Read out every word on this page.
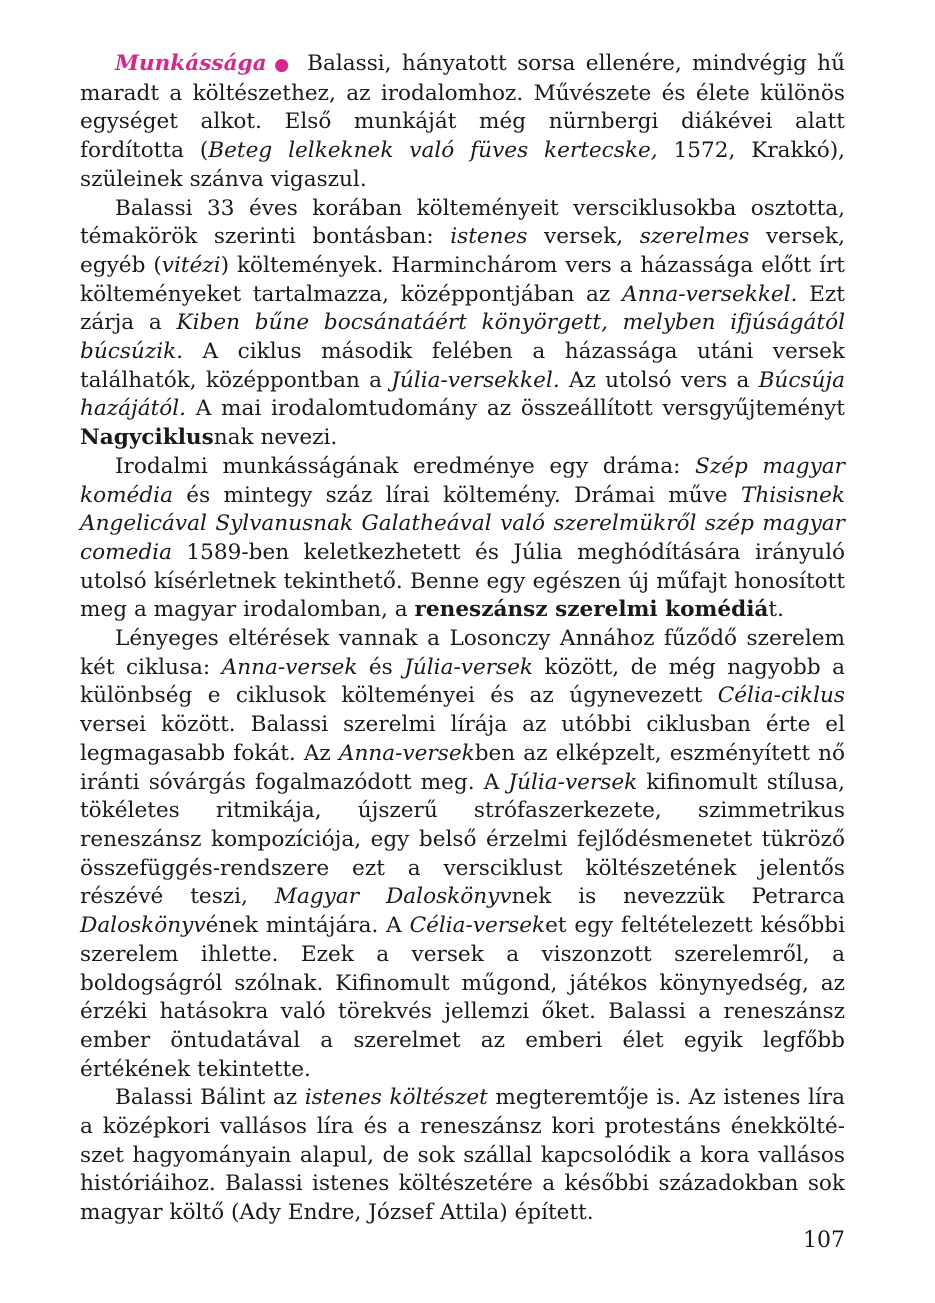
Munkássága ● Balassi, hányatott sorsa ellenére, mindvégig hű maradt a költészethez, az irodalomhoz. Művészete és élete különös egységet alkot. Első munkáját még nürnbergi diákévei alatt fordította (Beteg lelkeknek való füves kertecske, 1572, Krakkó), szüleinek szánva vigaszul.

Balassi 33 éves korában költeményeit versciklusokba osztotta, témakörök szerinti bontásban: istenes versek, szerelmes versek, egyéb (vitézi) költemények. Harminchárom vers a házassága előtt írt költeményeket tartalmazza, középpontjában az Anna-versekkel. Ezt zárja a Kiben bűne bocsánatáért könyörgett, melyben ifjúságától búcsúzik. A ciklus második felében a házassága utáni versek találhatók, középpontban a Júlia-versekkel. Az utolsó vers a Búcsúja hazájától. A mai irodalomtudomány az összeállított versgyűjteményt Nagyciklusnak nevezi.

Irodalmi munkásságának eredménye egy dráma: Szép magyar komédia és mintegy száz lírai költemény. Drámai műve Thisisnek Angelicával Sylvanusnak Galatheával való szerelmükről szép magyar comedia 1589-ben keletkezhetett és Júlia meghódítására irányuló utolsó kísérletnek tekinthető. Benne egy egészen új műfajt honosított meg a magyar irodalomban, a reneszánsz szerelmi komédiát.

Lényeges eltérések vannak a Losonczy Annához fűződő szerelem két ciklusa: Anna-versek és Júlia-versek között, de még nagyobb a különbség e ciklusok költeményei és az úgynevezett Célia-ciklus versei között. Balassi szerelmi lírája az utóbbi ciklusban érte el legmagasabb fokát. Az Anna-versekben az elképzelt, eszményített nő iránti sóvárgás fogalmazódott meg. A Júlia-versek kifinomult stílusa, tökéletes ritmikája, újszerű strófaszerkezete, szimmetrikus reneszánsz kompozíciója, egy belső érzelmi fejlődésmenetet tükröző összefüggés-rendszere ezt a versciklust költészetének jelentős részévé teszi, Magyar Daloskönyvnek is nevezzük Petrarca Daloskönyvének mintájára. A Célia-verseket egy feltételezett későbbi szerelem ihlette. Ezek a versek a viszonzott szerelemről, a boldogságról szólnak. Kifinomult műgond, játékos könynyedség, az érzéki hatásokra való törekvés jellemzi őket. Balassi a reneszánsz ember öntudatával a szerelmet az emberi élet egyik legfőbb értékének tekintette.

Balassi Bálint az istenes költészet megteremtője is. Az istenes líra a középkori vallásos líra és a reneszánsz kori protestáns énekköltészet hagyományain alapul, de sok szállal kapcsolódik a kora vallásos históriáihoz. Balassi istenes költészetére a későbbi századokban sok magyar költő (Ady Endre, József Attila) épített.

107
